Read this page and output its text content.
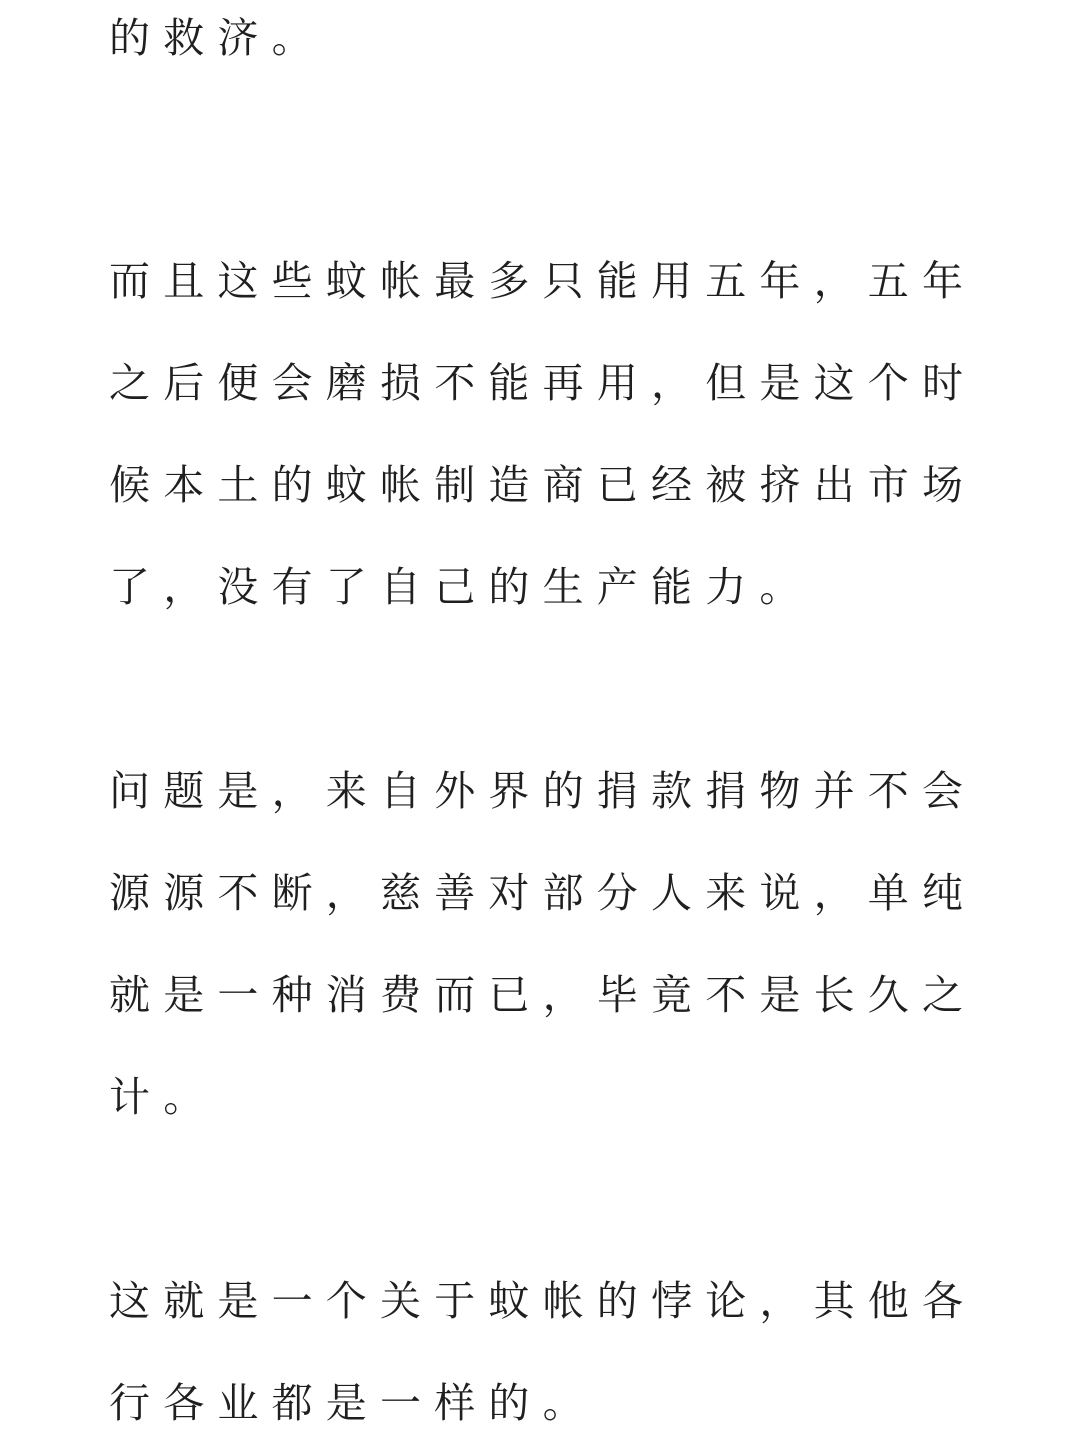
的救济。
而且这些蚊帐最多只能用五年，五年
之后便会磨损不能再用，但是这个时
候本土的蚊帐制造商已经被挤出市场
了，没有了自己的生产能力。
问题是，来自外界的捐款捐物并不会
源源不断，慈善对部分人来说，单纯
就是一种消费而已，毕竟不是长久之
计。
这就是一个关于蚊帐的悖论，其他各
行各业都是一样的。
